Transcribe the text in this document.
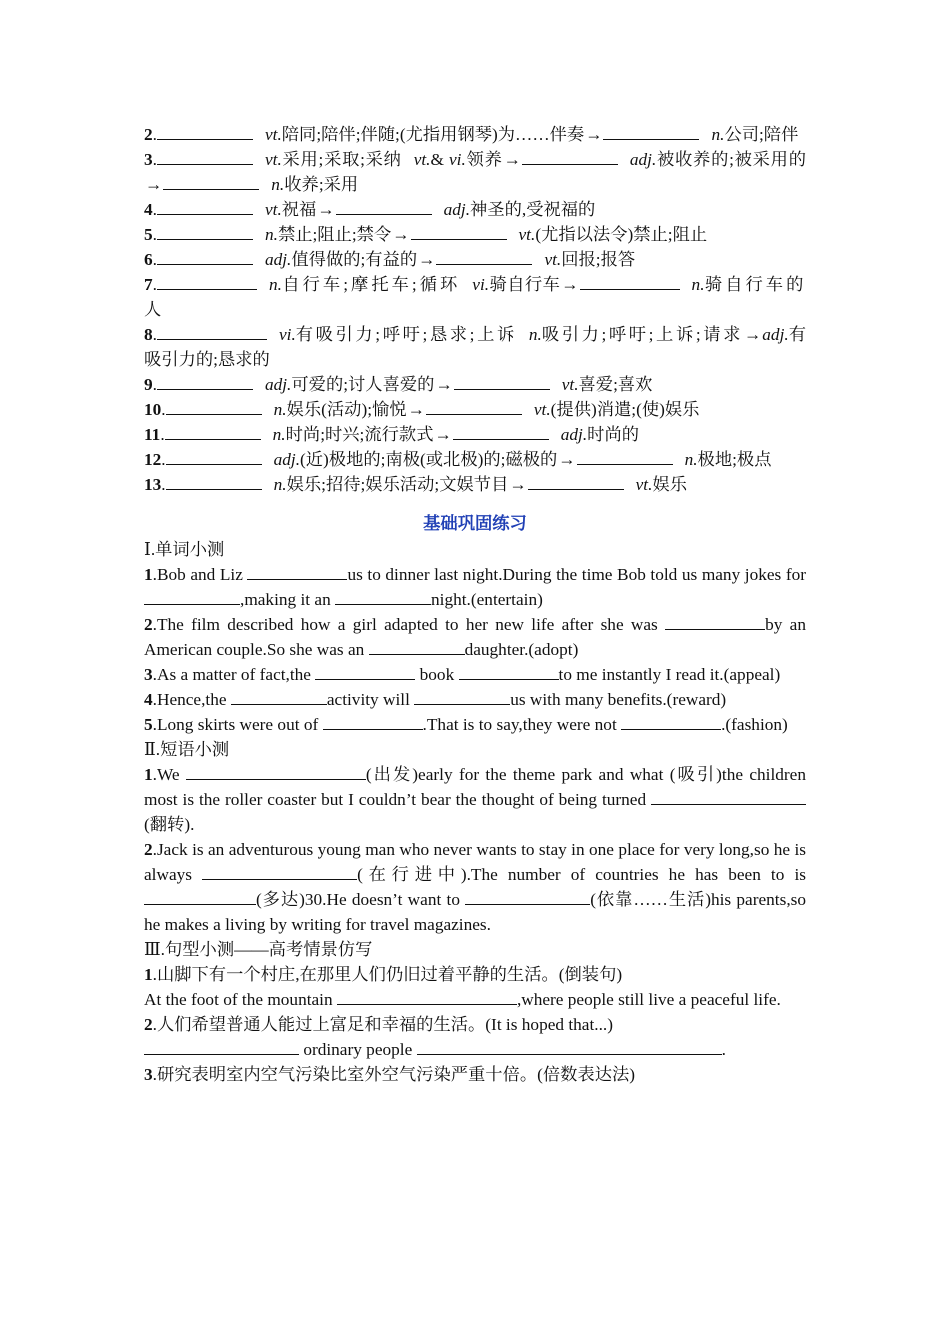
2.	vt.陪同;陪伴;伴随;(尤指用钢琴)为……伴奏→	n.公司;陪伴
3.	vt.采用;采取;采纳 vt.& vi.领养→	adj.被收养的;被采用的→	n.收养;采用
4.	vt.祝福→	adj.神圣的,受祝福的
5.	n.禁止;阻止;禁令→	vt.(尤指以法令)禁止;阻止
6.	adj.值得做的;有益的→	vt.回报;报答
7.	n.自行车;摩托车;循环 vi.骑自行车→	n.骑自行车的人
8.	vi.有吸引力;呼吁;恳求;上诉 n.吸引力;呼吁;上诉;请求→adj.有吸引力的;恳求的
9.	adj.可爱的;讨人喜爱的→	vt.喜爱;喜欢
10.	n.娱乐(活动);愉悦→	vt.(提供)消遣;(使)娱乐
11.	n.时尚;时兴;流行款式→	adj.时尚的
12.	adj.(近)极地的;南极(或北极)的;磁极的→	n.极地;极点
13.	n.娱乐;招待;娱乐活动;文娱节目→	vt.娱乐
基础巩固练习
Ⅰ.单词小测
1.Bob and Liz	us to dinner last night.During the time Bob told us many jokes for ,making it an	night.(entertain)
2.The film described how a girl adapted to her new life after she was	by an American couple.So she was an	daughter.(adopt)
3.As a matter of fact,the	book	to me instantly I read it.(appeal)
4.Hence,the	activity will	us with many benefits.(reward)
5.Long skirts were out of	.That is to say,they were not	.(fashion)
Ⅱ.短语小测
1.We	(出发)early for the theme park and what (吸引)the children most is the roller coaster but I couldn’t bear the thought of being turned (翻转).
2.Jack is an adventurous young man who never wants to stay in one place for very long,so he is always	(在行进中).The number of countries he has been to is (多达)30.He doesn’t want to	(依靠……生活)his parents,so he makes a living by writing for travel magazines.
Ⅲ.句型小测——高考情景仿写
1.山脚下有一个村庄,在那里人们仍旧过着平静的生活。(倒装句)
At the foot of the mountain	,where people still live a peaceful life.
2.人们希望普通人能过上富足和幸福的生活。(It is hoped that...)
ordinary people	.
3.研究表明室内空气污染比室外空气污染严重十倍。(倍数表达法)
